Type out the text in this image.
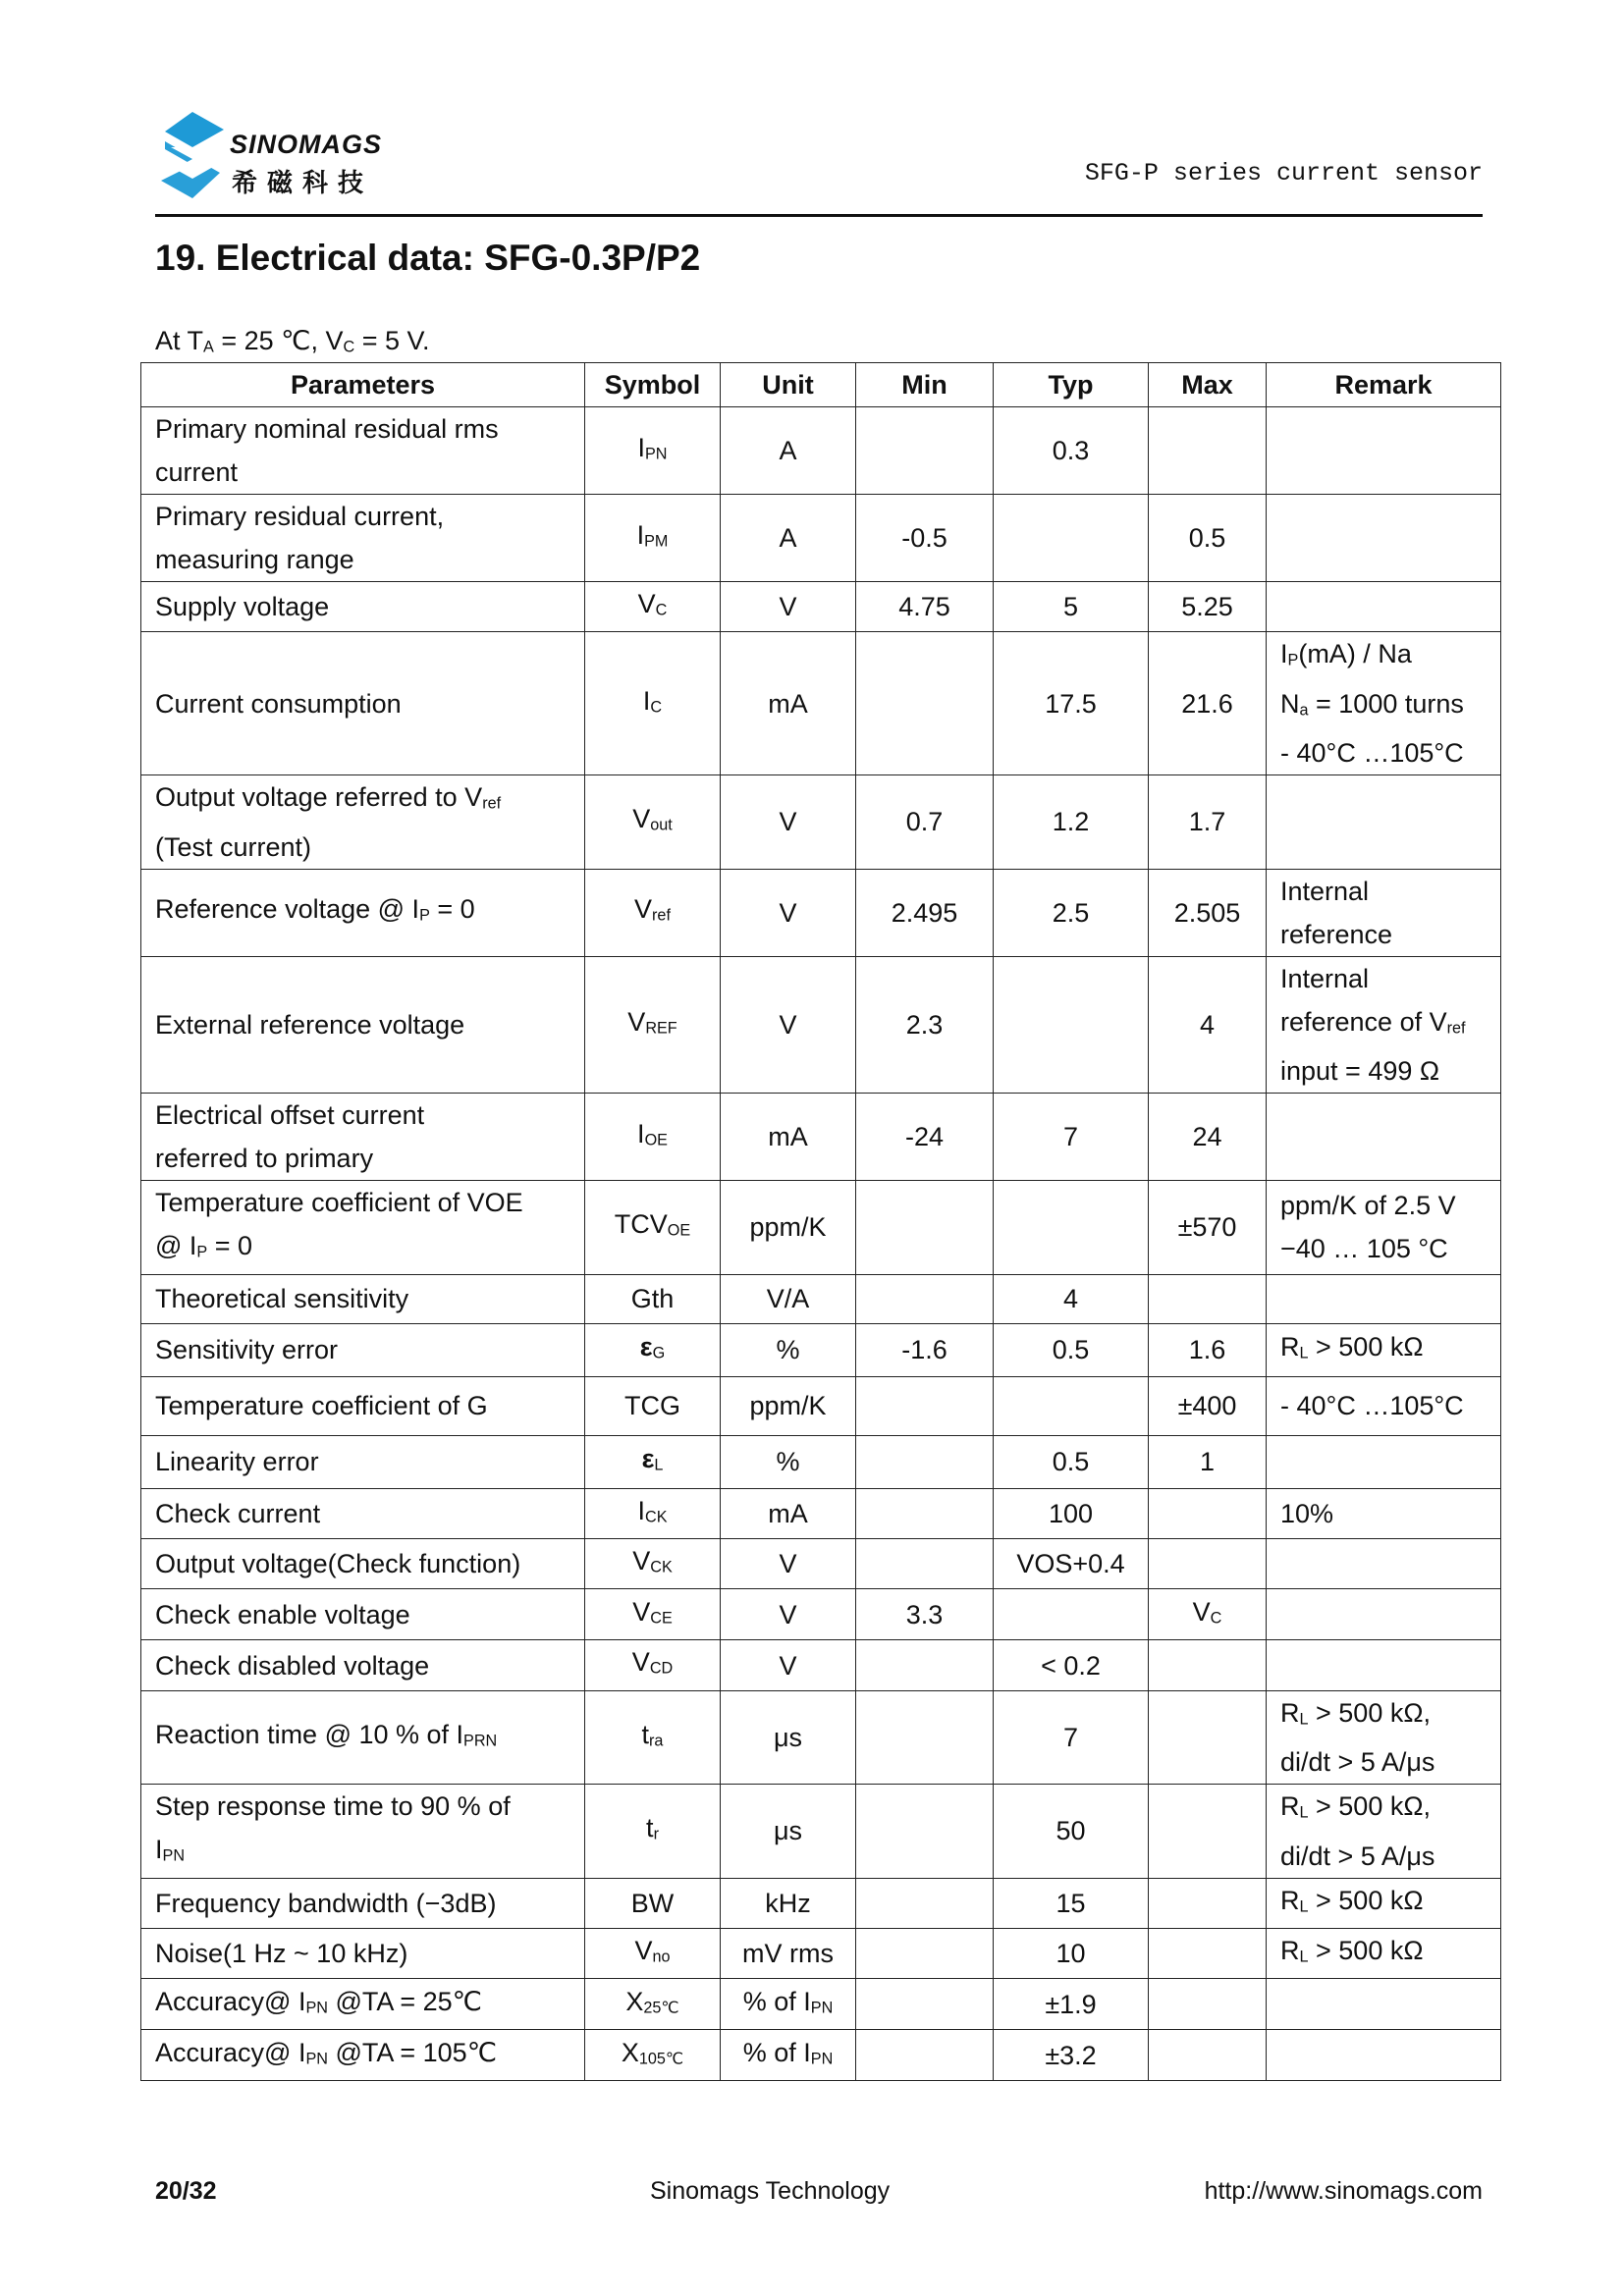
SINOMAGS
希磁科技	SFG-P series current sensor
19. Electrical data: SFG-0.3P/P2
At $T_A = 25$ ℃, $V_C = 5$ V.
Parameters	Symbol	Unit	Min	Typ	Max	Remark
Primary nominal residual rms
current	$I_{PN}$	A		0.3		
Primary residual current,
measuring range	$I_{PM}$	A	-0.5		0.5	
Supply voltage	$V_C$	V	4.75	5	5.25	
Current consumption	$I_C$	mA		17.5	21.6	$I_P(mA)$ / Na
$N_a = 1000$ turns
- 40°C …105°C
Output voltage referred to $V_{ref}$
(Test current)	$V_{out}$	V	0.7	1.2	1.7	
Reference voltage @ $I_P = 0$	$V_{ref}$	V	2.495	2.5	2.505	Internal
reference
External reference voltage	$V_{REF}$	V	2.3		4	Internal
reference of $V_{ref}$
input = 499 Ω
Electrical offset current
referred to primary	$I_{OE}$	mA	-24	7	24	
Temperature coefficient of VOE
@ $I_P = 0$	$TCV_{OE}$	ppm/K			±570	ppm/K of 2.5 V
−40 … 105 °C
Theoretical sensitivity	Gth	V/A		4		
Sensitivity error	$\varepsilon_G$	%	-1.6	0.5	1.6	$R_L > 500$ kΩ
Temperature coefficient of G	TCG	ppm/K			±400	- 40°C …105°C
Linearity error	$\varepsilon_L$	%		0.5	1	
Check current	$I_{CK}$	mA		100		10%
Output voltage(Check function)	$V_{CK}$	V		VOS+0.4		
Check enable voltage	$V_{CE}$	V	3.3		$V_C$	
Check disabled voltage	$V_{CD}$	V		< 0.2		
Reaction time @ 10 % of $I_{PRN}$	$t_{ra}$	μs		7		$R_L > 500$ kΩ,
di/dt > 5 A/μs
Step response time to 90 % of
$I_{PN}$	$t_r$	μs		50		$R_L > 500$ kΩ,
di/dt > 5 A/μs
Frequency bandwidth (−3dB)	BW	kHz		15		$R_L > 500$ kΩ
Noise(1 Hz ~ 10 kHz)	$V_{no}$	mV rms		10		$R_L > 500$ kΩ
Accuracy@ $I_{PN}$ @TA = 25℃	$X_{25℃}$	% of $I_{PN}$		±1.9		
Accuracy@ $I_{PN}$ @TA = 105℃	$X_{105℃}$	% of $I_{PN}$		±3.2		
20/32	Sinomags Technology	http://www.sinomags.com
